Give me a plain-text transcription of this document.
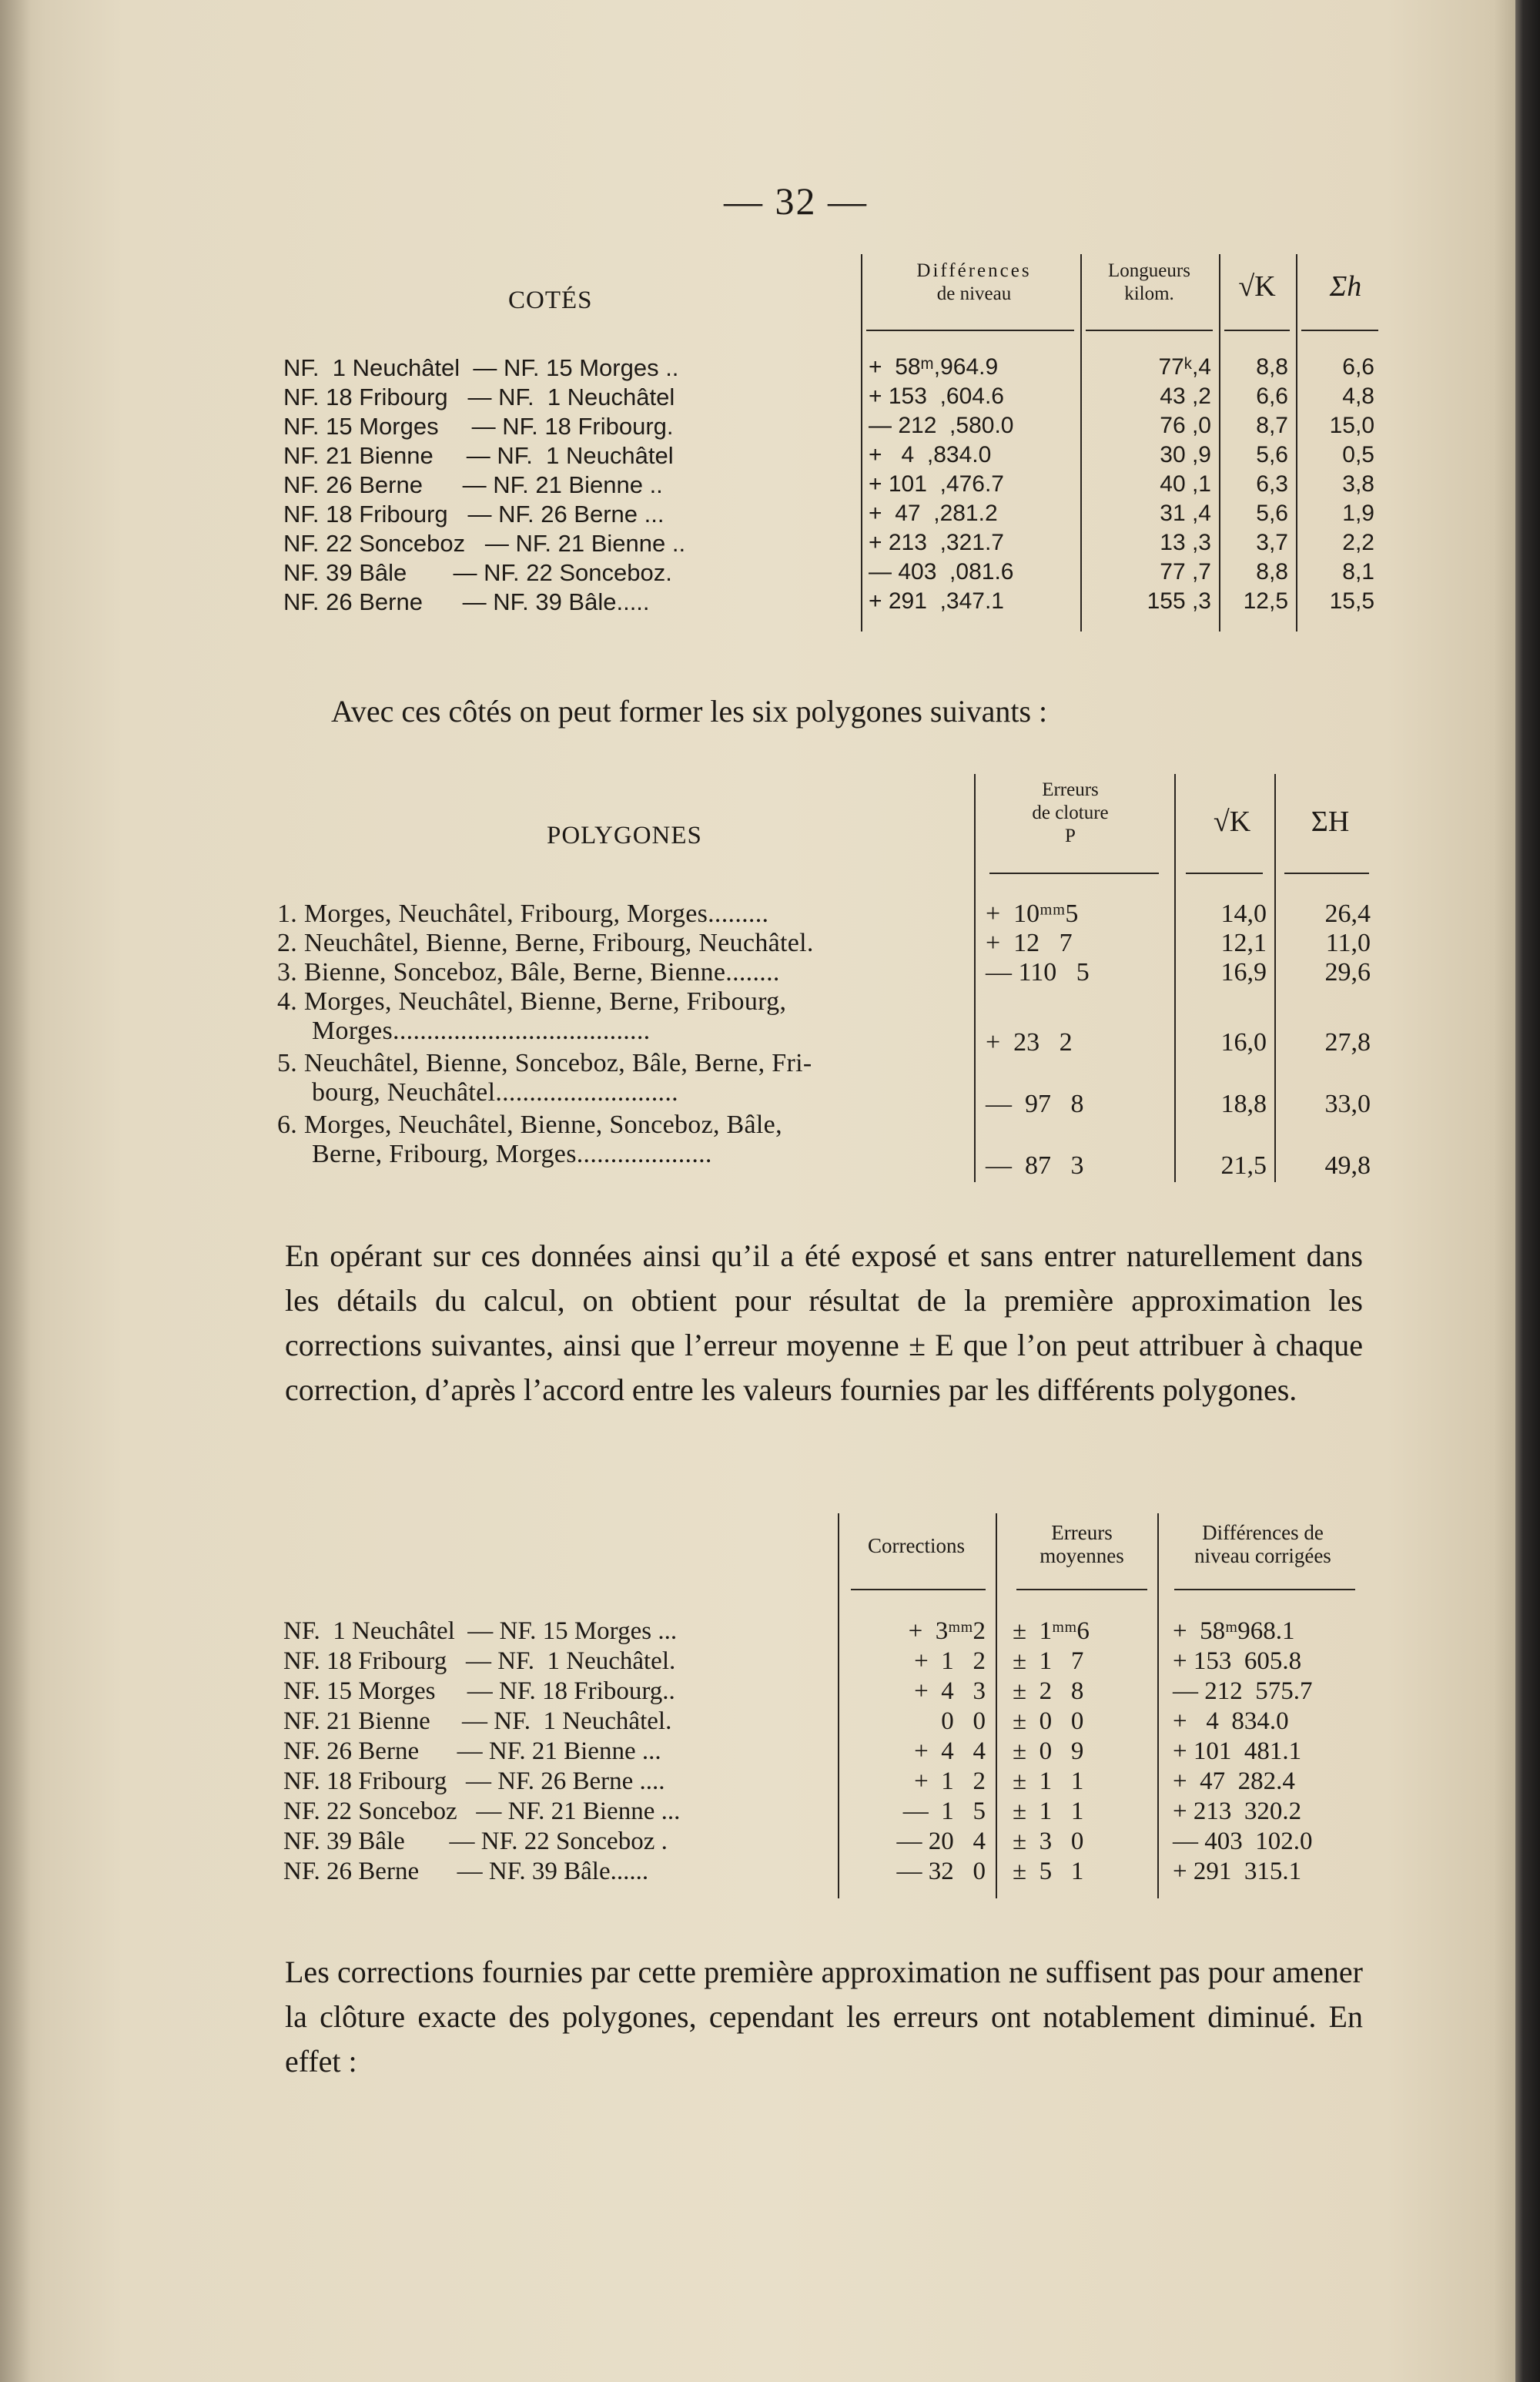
— 32 —
COTÉS
Différences
de niveau
Longueurs
kilom.	√K	Σh
NF.  1 Neuchâtel  — NF. 15 Morges ..	+  58ᵐ,964.9	77ᵏ,4	8,8	6,6
NF. 18 Fribourg   — NF.  1 Neuchâtel	+ 153  ,604.6	43 ,2	6,6	4,8
NF. 15 Morges     — NF. 18 Fribourg.	— 212  ,580.0	76 ,0	8,7	15,0
NF. 21 Bienne     — NF.  1 Neuchâtel	+   4  ,834.0	30 ,9	5,6	0,5
NF. 26 Berne      — NF. 21 Bienne ..	+ 101  ,476.7	40 ,1	6,3	3,8
NF. 18 Fribourg   — NF. 26 Berne ...	+  47  ,281.2	31 ,4	5,6	1,9
NF. 22 Sonceboz   — NF. 21 Bienne ..	+ 213  ,321.7	13 ,3	3,7	2,2
NF. 39 Bâle       — NF. 22 Sonceboz.	— 403  ,081.6	77 ,7	8,8	8,1
NF. 26 Berne      — NF. 39 Bâle.....	+ 291  ,347.1	155 ,3	12,5	15,5
Avec ces côtés on peut former les six polygones suivants :
POLYGONES
Erreurs
de cloture
P	√K	ΣH
1. Morges, Neuchâtel, Fribourg, Morges.........	+  10ᵐᵐ5	14,0	26,4
2. Neuchâtel, Bienne, Berne, Fribourg, Neuchâtel.	+  12   7	12,1	11,0
3. Bienne, Sonceboz, Bâle, Berne, Bienne........	— 110   5	16,9	29,6
4. Morges, Neuchâtel, Bienne, Berne, Fribourg,
Morges......................................	+  23   2	16,0	27,8
5. Neuchâtel, Bienne, Sonceboz, Bâle, Berne, Fri-
bourg, Neuchâtel...........................	—  97   8	18,8	33,0
6. Morges, Neuchâtel, Bienne, Sonceboz, Bâle,
Berne, Fribourg, Morges....................	—  87   3	21,5	49,8
En opérant sur ces données ainsi qu’il a été exposé et sans entrer naturellement dans les détails du calcul, on obtient pour résultat de la première approximation les corrections suivantes, ainsi que l’erreur moyenne ± E que l’on peut attribuer à chaque correction, d’après l’accord entre les valeurs fournies par les différents polygones.
Corrections
Erreurs
moyennes
Différences de
niveau corrigées
NF.  1 Neuchâtel  — NF. 15 Morges ...	+  3ᵐᵐ2	±  1ᵐᵐ6	+  58ᵐ968.1
NF. 18 Fribourg   — NF.  1 Neuchâtel.	+  1   2	±  1   7	+ 153  605.8
NF. 15 Morges     — NF. 18 Fribourg..	+  4   3	±  2   8	— 212  575.7
NF. 21 Bienne     — NF.  1 Neuchâtel.	0   0	±  0   0	+   4  834.0
NF. 26 Berne      — NF. 21 Bienne ...	+  4   4	±  0   9	+ 101  481.1
NF. 18 Fribourg   — NF. 26 Berne ....	+  1   2	±  1   1	+  47  282.4
NF. 22 Sonceboz   — NF. 21 Bienne ...	—  1   5	±  1   1	+ 213  320.2
NF. 39 Bâle       — NF. 22 Sonceboz .	— 20   4	±  3   0	— 403  102.0
NF. 26 Berne      — NF. 39 Bâle......	— 32   0	±  5   1	+ 291  315.1
Les corrections fournies par cette première approximation ne suffisent pas pour amener la clôture exacte des polygones, cependant les erreurs ont notablement diminué. En effet :
